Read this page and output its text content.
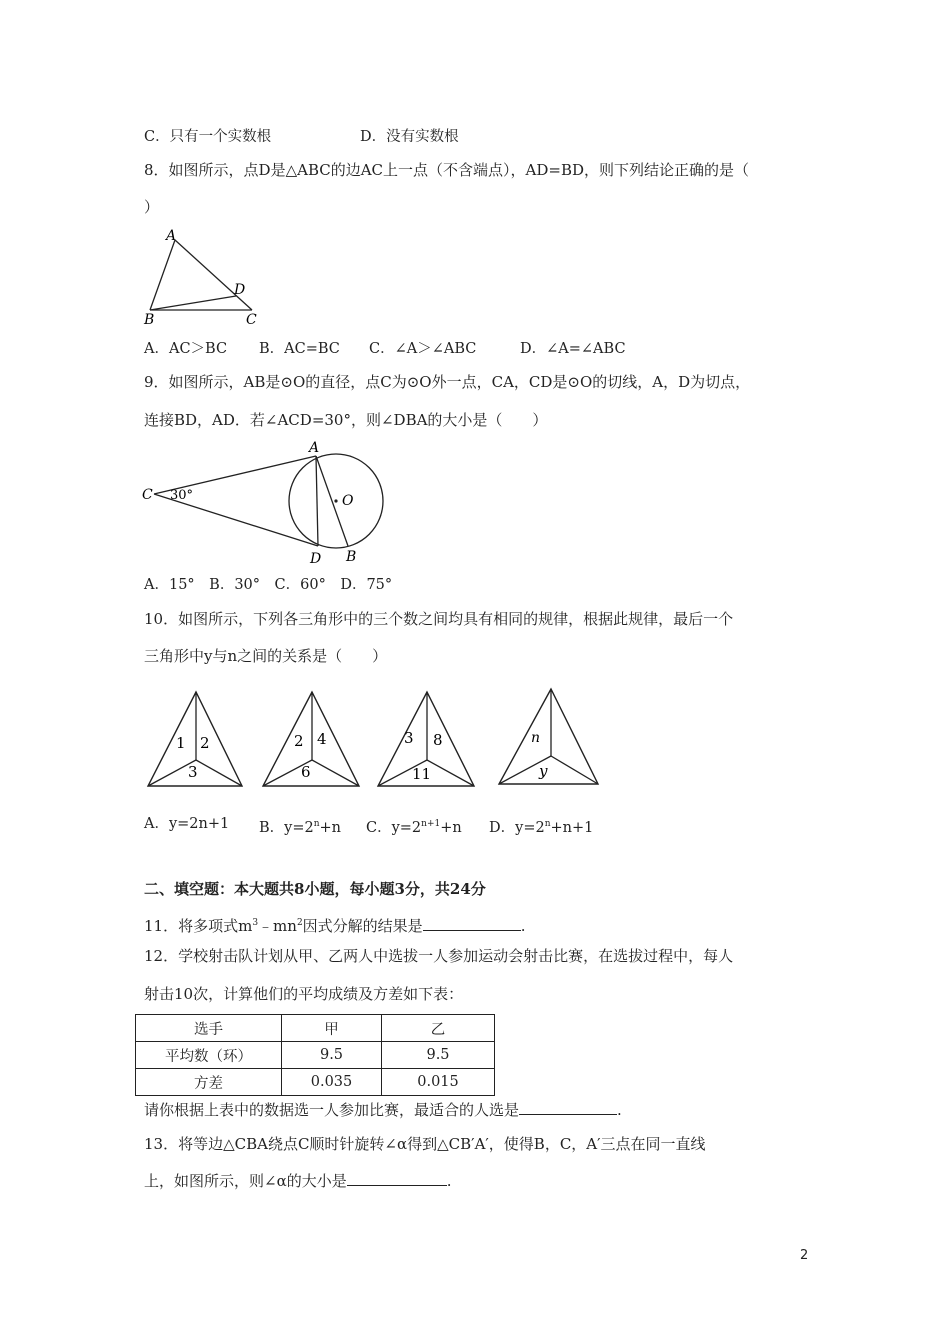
C．只有一个实数根	D．没有实数根
8．如图所示，点D是△ABC的边AC上一点（不含端点），AD=BD，则下列结论正确的是（
）
A
D
B	C
A．AC＞BC B．AC=BC C．∠A＞∠ABC	D．∠A=∠ABC
9．如图所示，AB是⊙O的直径，点C为⊙O外一点，CA，CD是⊙O的切线，A，D为切点，
连接BD，AD．若∠ACD=30°，则∠DBA的大小是（　　）
A
C 30°	O
D B
A．15°　B．30°　C．60°　D．75°
10．如图所示，下列各三角形中的三个数之间均具有相同的规律，根据此规律，最后一个
三角形中y与n之间的关系是（　　）
1 2
3
2 4
6
3 8
11
n
y
A．y=2n+1 B．$y=2^n+n$ C．$y=2^{n+1}+n$ D．$y=2^n+n+1$
二、填空题：本大题共8小题，每小题3分，共24分
11．将多项式$m^3﹣mn^2$因式分解的结果是	.
12．学校射击队计划从甲、乙两人中选拔一人参加运动会射击比赛，在选拔过程中，每人
射击10次，计算他们的平均成绩及方差如下表：
选手	甲	乙
平均数（环）	9.5	9.5
方差	0.035	0.015
请你根据上表中的数据选一人参加比赛，最适合的人选是	.
13．将等边△CBA绕点C顺时针旋转∠α得到△CB′A′，使得B，C，A′三点在同一直线
上，如图所示，则∠α的大小是	.
2
